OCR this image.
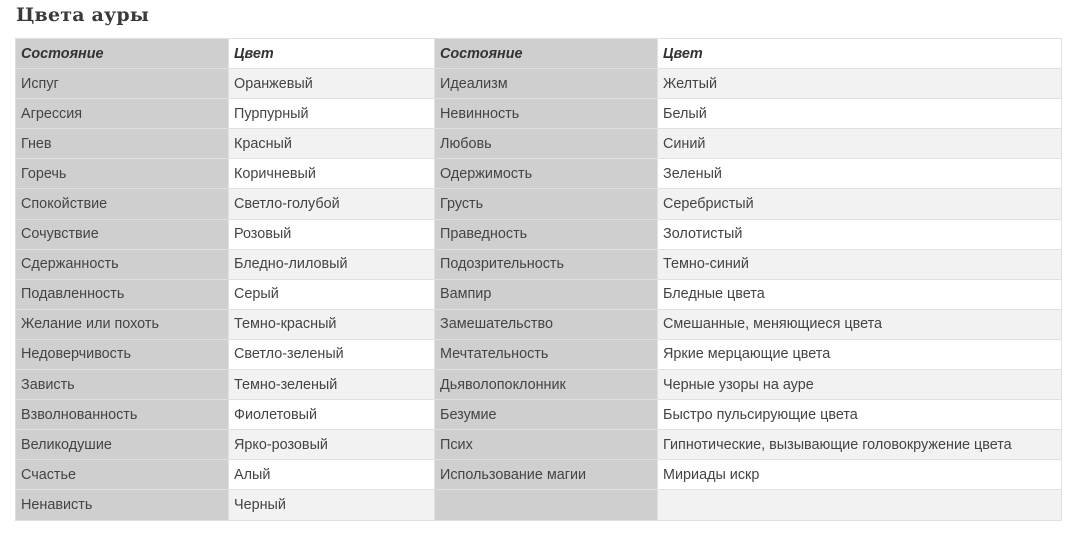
Цвета ауры
Состояние	Цвет	Состояние	Цвет
Испуг	Оранжевый	Идеализм	Желтый
Агрессия	Пурпурный	Невинность	Белый
Гнев	Красный	Любовь	Синий
Горечь	Коричневый	Одержимость	Зеленый
Спокойствие	Светло-голубой	Грусть	Серебристый
Сочувствие	Розовый	Праведность	Золотистый
Сдержанность	Бледно-лиловый	Подозрительность	Темно-синий
Подавленность	Серый	Вампир	Бледные цвета
Желание или похоть	Темно-красный	Замешательство	Смешанные, меняющиеся цвета
Недоверчивость	Светло-зеленый	Мечтательность	Яркие мерцающие цвета
Зависть	Темно-зеленый	Дьяволопоклонник	Черные узоры на ауре
Взволнованность	Фиолетовый	Безумие	Быстро пульсирующие цвета
Великодушие	Ярко-розовый	Псих	Гипнотические, вызывающие головокружение цвета
Счастье	Алый	Использование магии	Мириады искр
Ненависть	Черный		
